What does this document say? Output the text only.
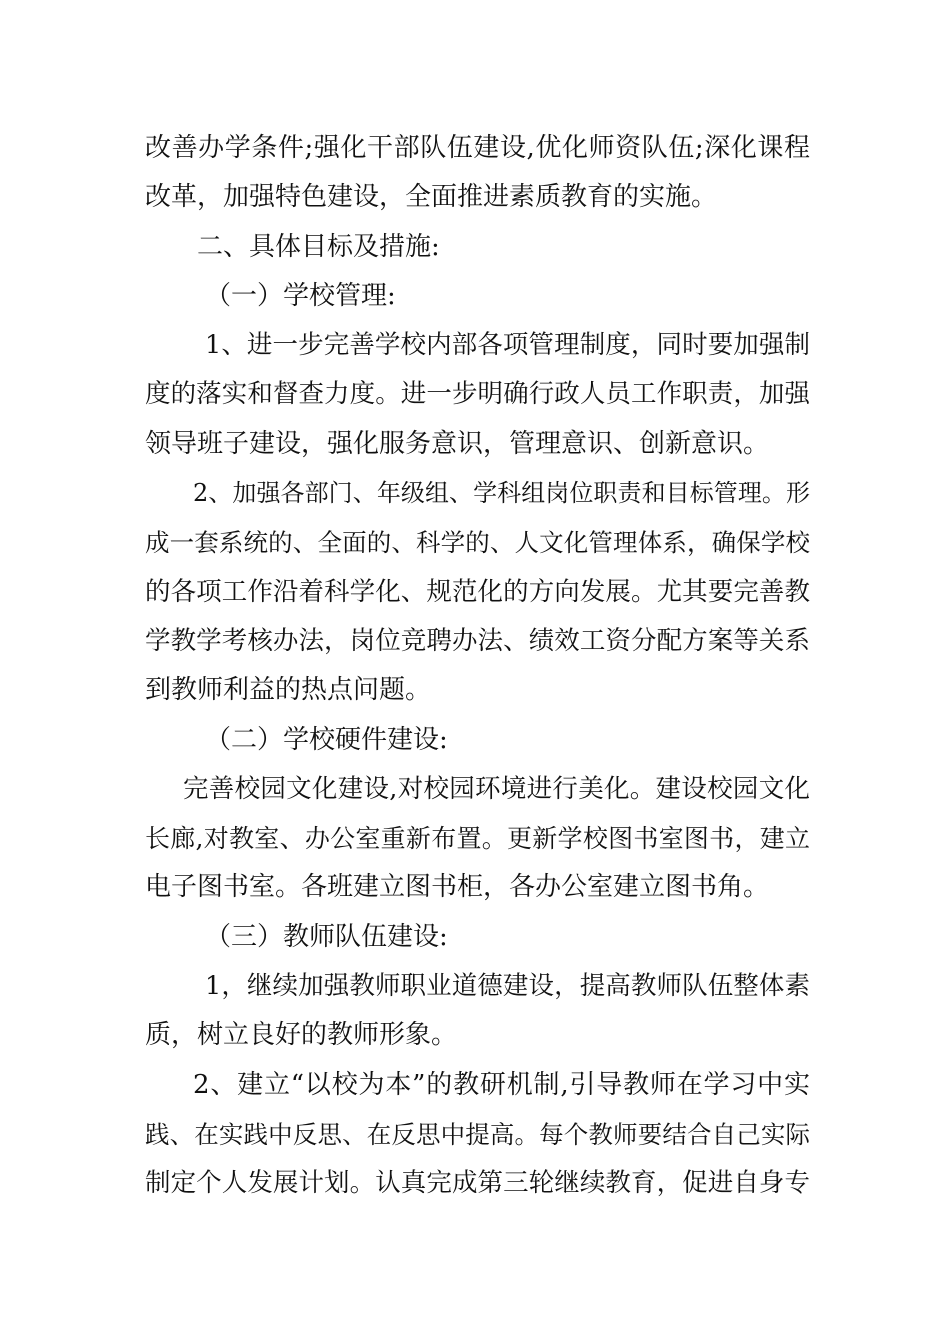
改善办学条件;强化干部队伍建设,优化师资队伍;深化课程
改革，加强特色建设，全面推进素质教育的实施。
二、具体目标及措施:
（一）学校管理:
1、进一步完善学校内部各项管理制度，同时要加强制
度的落实和督查力度。进一步明确行政人员工作职责，加强
领导班子建设，强化服务意识，管理意识、创新意识。
2、加强各部门、年级组、学科组岗位职责和目标管理。形
成一套系统的、全面的、科学的、人文化管理体系，确保学校
的各项工作沿着科学化、规范化的方向发展。尤其要完善教
学教学考核办法，岗位竞聘办法、绩效工资分配方案等关系
到教师利益的热点问题。
（二）学校硬件建设:
完善校园文化建设,对校园环境进行美化。建设校园文化
长廊,对教室、办公室重新布置。更新学校图书室图书，建立
电子图书室。各班建立图书柜，各办公室建立图书角。
（三）教师队伍建设:
1，继续加强教师职业道德建设，提高教师队伍整体素
质，树立良好的教师形象。
2、建立“以校为本”的教研机制,引导教师在学习中实
践、在实践中反思、在反思中提高。每个教师要结合自己实际
制定个人发展计划。认真完成第三轮继续教育，促进自身专
